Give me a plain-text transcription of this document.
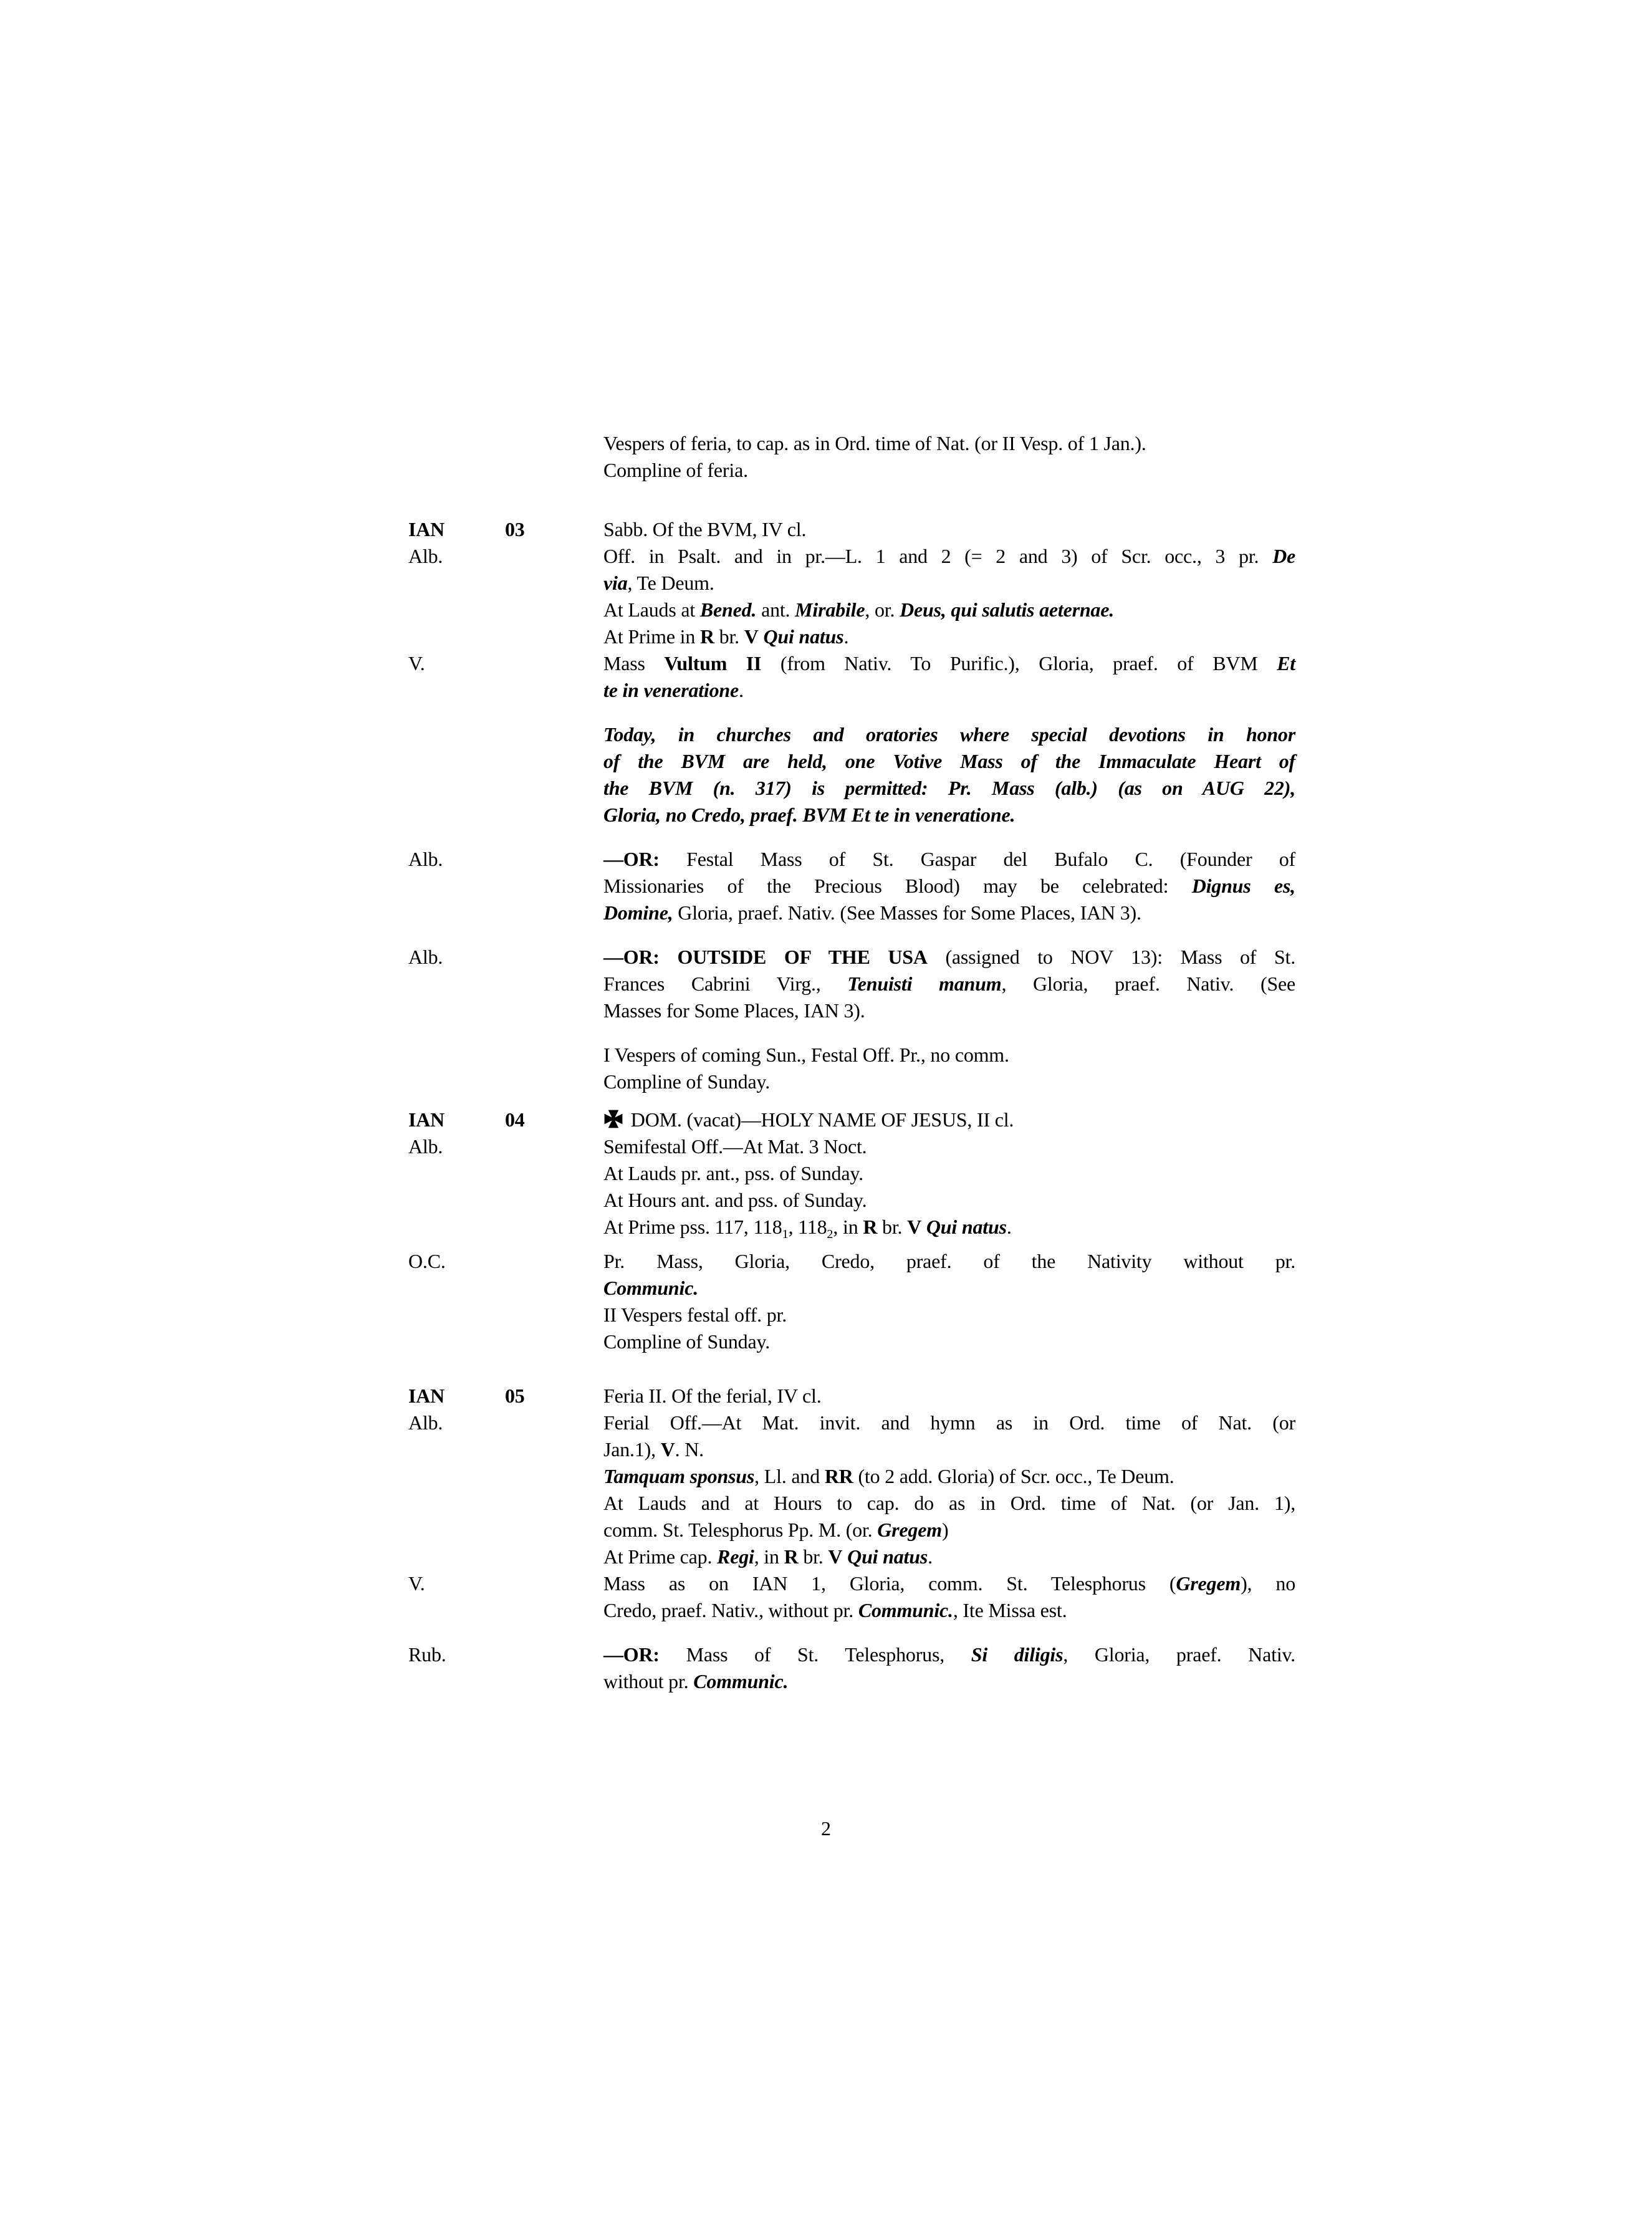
Vespers of feria, to cap. as in Ord. time of Nat. (or II Vesp. of 1 Jan.).
Compline of feria.
IAN	03	Sabb. Of the BVM, IV cl.
Alb.	Off. in Psalt. and in pr.—L. 1 and 2 (= 2 and 3) of Scr. occ., 3 pr. De
via, Te Deum.
At Lauds at Bened. ant. Mirabile, or. Deus, qui salutis aeternae.
At Prime in R br. V Qui natus.
V.	Mass Vultum II (from Nativ. To Purific.), Gloria, praef. of BVM Et
te in veneratione.
Today, in churches and oratories where special devotions in honor
of the BVM are held, one Votive Mass of the Immaculate Heart of
the BVM (n. 317) is permitted: Pr. Mass (alb.) (as on AUG 22),
Gloria, no Credo, praef. BVM Et te in veneratione.
Alb.	—OR: Festal Mass of St. Gaspar del Bufalo C. (Founder of
Missionaries of the Precious Blood) may be celebrated: Dignus es,
Domine, Gloria, praef. Nativ. (See Masses for Some Places, IAN 3).
Alb.	—OR: OUTSIDE OF THE USA (assigned to NOV 13): Mass of St.
Frances Cabrini Virg., Tenuisti manum, Gloria, praef. Nativ. (See
Masses for Some Places, IAN 3).
I Vespers of coming Sun., Festal Off. Pr., no comm.
Compline of Sunday.
IAN	04	DOM. (vacat)—HOLY NAME OF JESUS, II cl.
Alb.	Semifestal Off.—At Mat. 3 Noct.
At Lauds pr. ant., pss. of Sunday.
At Hours ant. and pss. of Sunday.
At Prime pss. 117, $118_1$, $118_2$, in R br. V Qui natus.
O.C.	Pr. Mass, Gloria, Credo, praef. of the Nativity without pr.
Communic.
II Vespers festal off. pr.
Compline of Sunday.
IAN	05	Feria II. Of the ferial, IV cl.
Alb.	Ferial Off.—At Mat. invit. and hymn as in Ord. time of Nat. (or
Jan.1), V. N.
Tamquam sponsus, Ll. and RR (to 2 add. Gloria) of Scr. occ., Te Deum.
At Lauds and at Hours to cap. do as in Ord. time of Nat. (or Jan. 1),
comm. St. Telesphorus Pp. M. (or. Gregem)
At Prime cap. Regi, in R br. V Qui natus.
V.	Mass as on IAN 1, Gloria, comm. St. Telesphorus (Gregem), no
Credo, praef. Nativ., without pr. Communic., Ite Missa est.
Rub.	—OR: Mass of St. Telesphorus, Si diligis, Gloria, praef. Nativ.
without pr. Communic.
2
